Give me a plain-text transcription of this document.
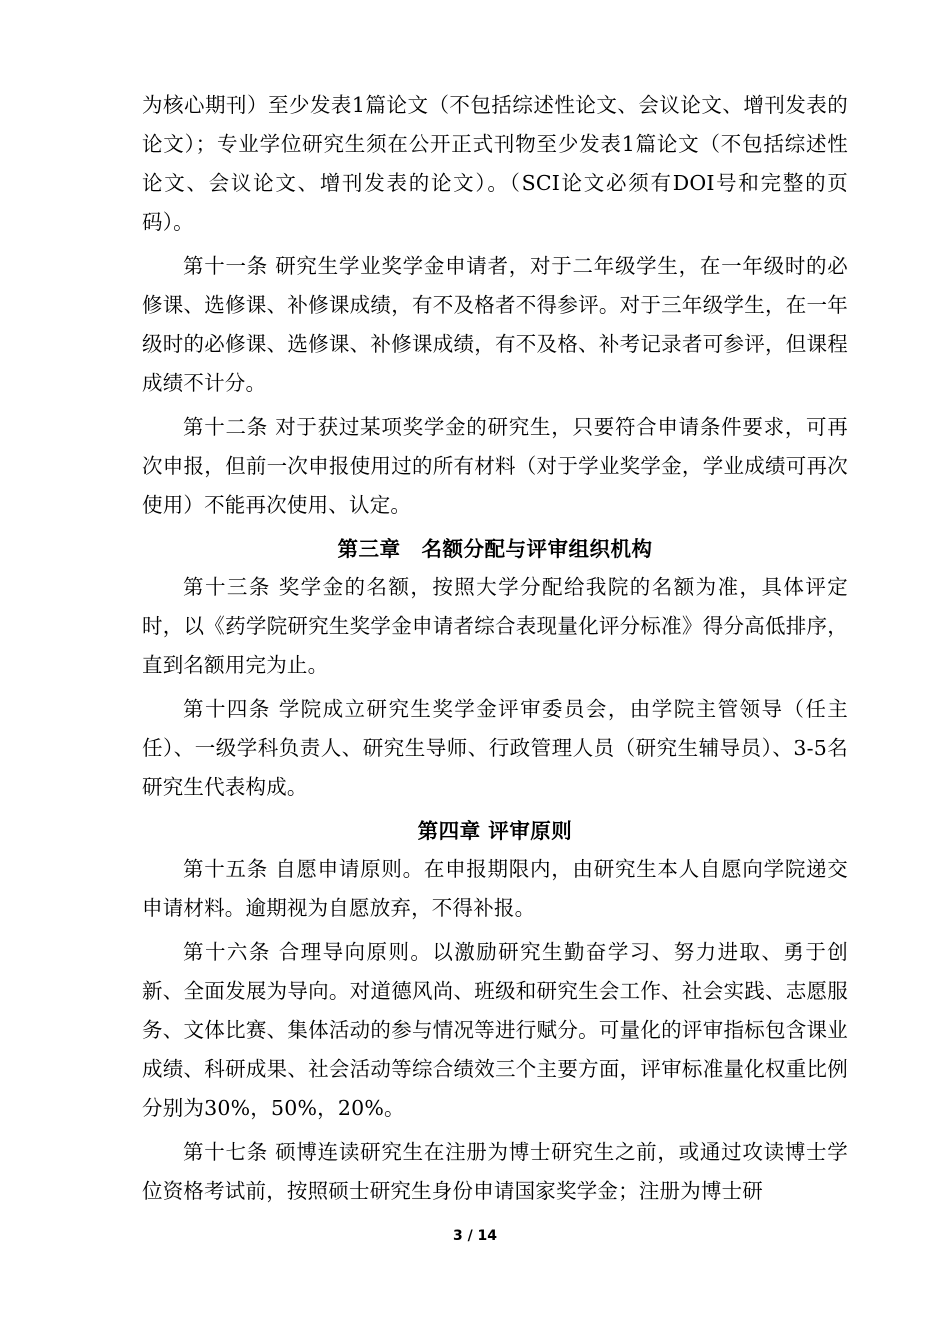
为核心期刊）至少发表1篇论文（不包括综述性论文、会议论文、增刊发表的论文）；专业学位研究生须在公开正式刊物至少发表1篇论文（不包括综述性论文、会议论文、增刊发表的论文）。（SCI论文必须有DOI号和完整的页码）。

第十一条 研究生学业奖学金申请者，对于二年级学生，在一年级时的必修课、选修课、补修课成绩，有不及格者不得参评。对于三年级学生，在一年级时的必修课、选修课、补修课成绩，有不及格、补考记录者可参评，但课程成绩不计分。

第十二条 对于获过某项奖学金的研究生，只要符合申请条件要求，可再次申报，但前一次申报使用过的所有材料（对于学业奖学金，学业成绩可再次使用）不能再次使用、认定。

第三章　名额分配与评审组织机构

第十三条 奖学金的名额，按照大学分配给我院的名额为准，具体评定时，以《药学院研究生奖学金申请者综合表现量化评分标准》得分高低排序，直到名额用完为止。

第十四条 学院成立研究生奖学金评审委员会，由学院主管领导（任主任）、一级学科负责人、研究生导师、行政管理人员（研究生辅导员）、3-5名研究生代表构成。

第四章 评审原则

第十五条 自愿申请原则。在申报期限内，由研究生本人自愿向学院递交申请材料。逾期视为自愿放弃，不得补报。

第十六条 合理导向原则。以激励研究生勤奋学习、努力进取、勇于创新、全面发展为导向。对道德风尚、班级和研究生会工作、社会实践、志愿服务、文体比赛、集体活动的参与情况等进行赋分。可量化的评审指标包含课业成绩、科研成果、社会活动等综合绩效三个主要方面，评审标准量化权重比例分别为30%，50%，20%。

第十七条 硕博连读研究生在注册为博士研究生之前，或通过攻读博士学位资格考试前，按照硕士研究生身份申请国家奖学金；注册为博士研

3 / 14
